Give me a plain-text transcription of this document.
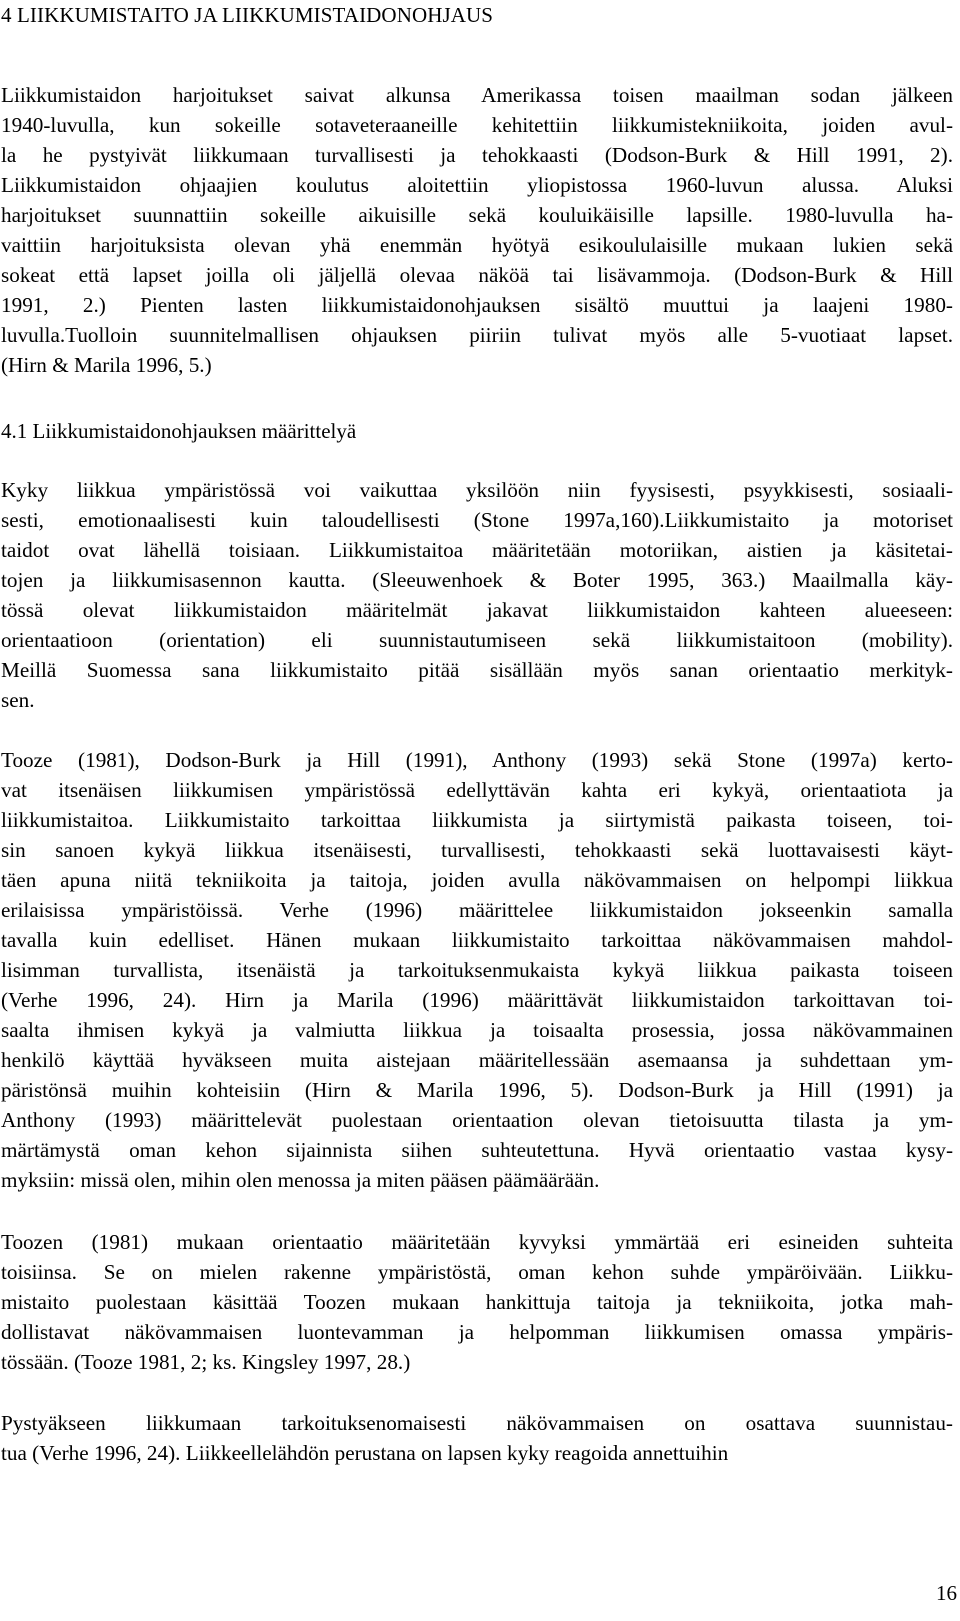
4 LIIKKUMISTAITO JA LIIKKUMISTAIDONOHJAUS
Liikkumistaidon harjoitukset saivat alkunsa Amerikassa toisen maailman sodan jälkeen
1940-luvulla, kun sokeille sotaveteraaneille kehitettiin liikkumistekniikoita, joiden avul-
la he pystyivät liikkumaan turvallisesti ja tehokkaasti (Dodson-Burk & Hill 1991, 2).
Liikkumistaidon ohjaajien koulutus aloitettiin yliopistossa 1960-luvun alussa. Aluksi
harjoitukset suunnattiin sokeille aikuisille sekä kouluikäisille lapsille. 1980-luvulla ha-
vaittiin harjoituksista olevan yhä enemmän hyötyä esikoululaisille mukaan lukien sekä
sokeat että lapset joilla oli jäljellä olevaa näköä tai lisävammoja. (Dodson-Burk & Hill
1991, 2.) Pienten lasten liikkumistaidonohjauksen sisältö muuttui ja laajeni 1980-
luvulla.Tuolloin suunnitelmallisen ohjauksen piiriin tulivat myös alle 5-vuotiaat lapset.
(Hirn & Marila 1996, 5.)
4.1 Liikkumistaidonohjauksen määrittelyä
Kyky liikkua ympäristössä voi vaikuttaa yksilöön niin fyysisesti, psyykkisesti, sosiaali-
sesti, emotionaalisesti kuin taloudellisesti (Stone 1997a,160).Liikkumistaito ja motoriset
taidot ovat lähellä toisiaan. Liikkumistaitoa määritetään motoriikan, aistien ja käsitetai-
tojen ja liikkumisasennon kautta. (Sleeuwenhoek & Boter 1995, 363.) Maailmalla käy-
tössä olevat liikkumistaidon määritelmät jakavat liikkumistaidon kahteen alueeseen:
orientaatioon (orientation) eli suunnistautumiseen sekä liikkumistaitoon (mobility).
Meillä Suomessa sana liikkumistaito pitää sisällään myös sanan orientaatio merkityk-
sen.
Tooze (1981), Dodson-Burk ja Hill (1991), Anthony (1993) sekä Stone (1997a) kerto-
vat itsenäisen liikkumisen ympäristössä edellyttävän kahta eri kykyä, orientaatiota ja
liikkumistaitoa. Liikkumistaito tarkoittaa liikkumista ja siirtymistä paikasta toiseen, toi-
sin sanoen kykyä liikkua itsenäisesti, turvallisesti, tehokkaasti sekä luottavaisesti käyt-
täen apuna niitä tekniikoita ja taitoja, joiden avulla näkövammaisen on helpompi liikkua
erilaisissa ympäristöissä. Verhe (1996) määrittelee liikkumistaidon jokseenkin samalla
tavalla kuin edelliset. Hänen mukaan liikkumistaito tarkoittaa näkövammaisen mahdol-
lisimman turvallista, itsenäistä ja tarkoituksenmukaista kykyä liikkua paikasta toiseen
(Verhe 1996, 24). Hirn ja Marila (1996) määrittävät liikkumistaidon tarkoittavan toi-
saalta ihmisen kykyä ja valmiutta liikkua ja toisaalta prosessia, jossa näkövammainen
henkilö käyttää hyväkseen muita aistejaan määritellessään asemaansa ja suhdettaan ym-
päristönsä muihin kohteisiin (Hirn & Marila 1996, 5). Dodson-Burk ja Hill (1991) ja
Anthony (1993) määrittelevät puolestaan orientaation olevan tietoisuutta tilasta ja ym-
märtämystä oman kehon sijainnista siihen suhteutettuna. Hyvä orientaatio vastaa kysy-
myksiin: missä olen, mihin olen menossa ja miten pääsen päämäärään.
Toozen (1981) mukaan orientaatio määritetään kyvyksi ymmärtää eri esineiden suhteita
toisiinsa. Se on mielen rakenne ympäristöstä, oman kehon suhde ympäröivään. Liikku-
mistaito puolestaan käsittää Toozen mukaan hankittuja taitoja ja tekniikoita, jotka mah-
dollistavat näkövammaisen luontevamman ja helpomman liikkumisen omassa ympäris-
tössään. (Tooze 1981, 2; ks. Kingsley 1997, 28.)
Pystyäkseen liikkumaan tarkoituksenomaisesti näkövammaisen on osattava suunnistau-
tua (Verhe 1996, 24). Liikkeellelähdön perustana on lapsen kyky reagoida annettuihin
16
